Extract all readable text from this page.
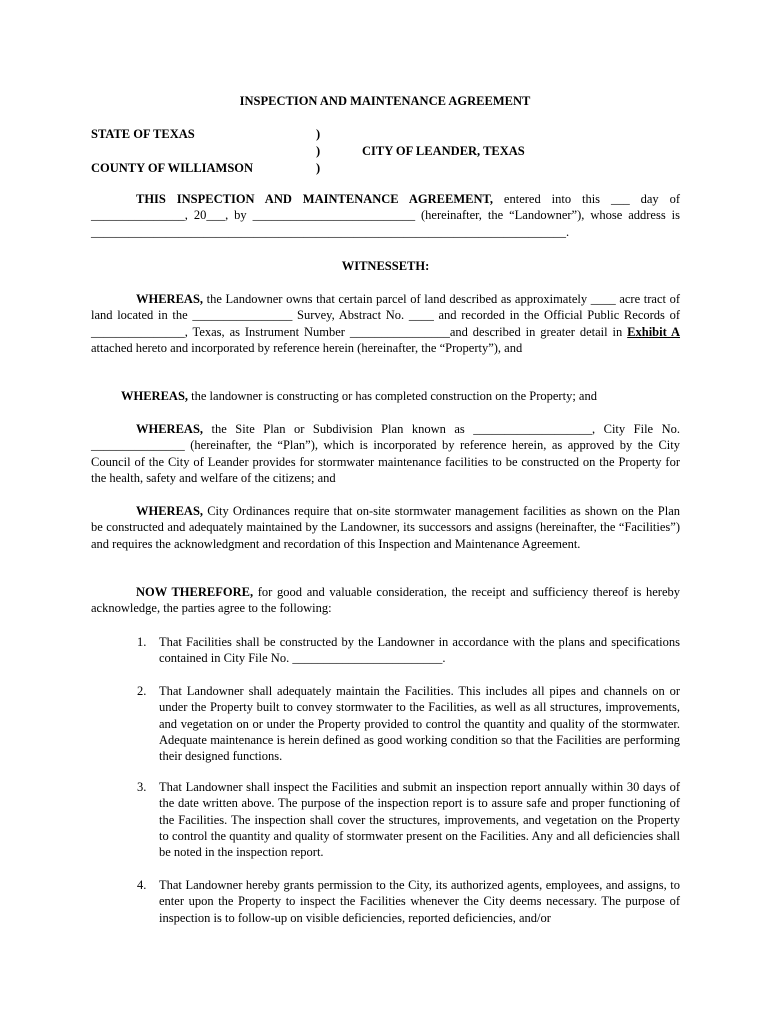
INSPECTION AND MAINTENANCE AGREEMENT
STATE OF TEXAS
COUNTY OF WILLIAMSON
)
)
)
CITY OF LEANDER, TEXAS
THIS INSPECTION AND MAINTENANCE AGREEMENT, entered into this ___ day of _______________, 20___, by __________________________ (hereinafter, the “Landowner”), whose address is ____________________________________________________________________________.
WITNESSETH:
WHEREAS, the Landowner owns that certain parcel of land described as approximately ____ acre tract of land located in the ________________ Survey, Abstract No. ____ and recorded in the Official Public Records of _______________, Texas, as Instrument Number ________________and described in greater detail in Exhibit A attached hereto and incorporated by reference herein (hereinafter, the “Property”), and
WHEREAS, the landowner is constructing or has completed construction on the Property; and
WHEREAS, the Site Plan or Subdivision Plan known as ___________________, City File No. _______________ (hereinafter, the “Plan”), which is incorporated by reference herein, as approved by the City Council of the City of Leander provides for stormwater maintenance facilities to be constructed on the Property for the health, safety and welfare of the citizens; and
WHEREAS, City Ordinances require that on-site stormwater management facilities as shown on the Plan be constructed and adequately maintained by the Landowner, its successors and assigns (hereinafter, the “Facilities”) and requires the acknowledgment and recordation of this Inspection and Maintenance Agreement.
NOW THEREFORE, for good and valuable consideration, the receipt and sufficiency thereof is hereby acknowledge, the parties agree to the following:
1. That Facilities shall be constructed by the Landowner in accordance with the plans and specifications contained in City File No. ________________________.
2. That Landowner shall adequately maintain the Facilities. This includes all pipes and channels on or under the Property built to convey stormwater to the Facilities, as well as all structures, improvements, and vegetation on or under the Property provided to control the quantity and quality of the stormwater. Adequate maintenance is herein defined as good working condition so that the Facilities are performing their designed functions.
3. That Landowner shall inspect the Facilities and submit an inspection report annually within 30 days of the date written above. The purpose of the inspection report is to assure safe and proper functioning of the Facilities. The inspection shall cover the structures, improvements, and vegetation on the Property to control the quantity and quality of stormwater present on the Facilities. Any and all deficiencies shall be noted in the inspection report.
4. That Landowner hereby grants permission to the City, its authorized agents, employees, and assigns, to enter upon the Property to inspect the Facilities whenever the City deems necessary. The purpose of inspection is to follow-up on visible deficiencies, reported deficiencies, and/or
